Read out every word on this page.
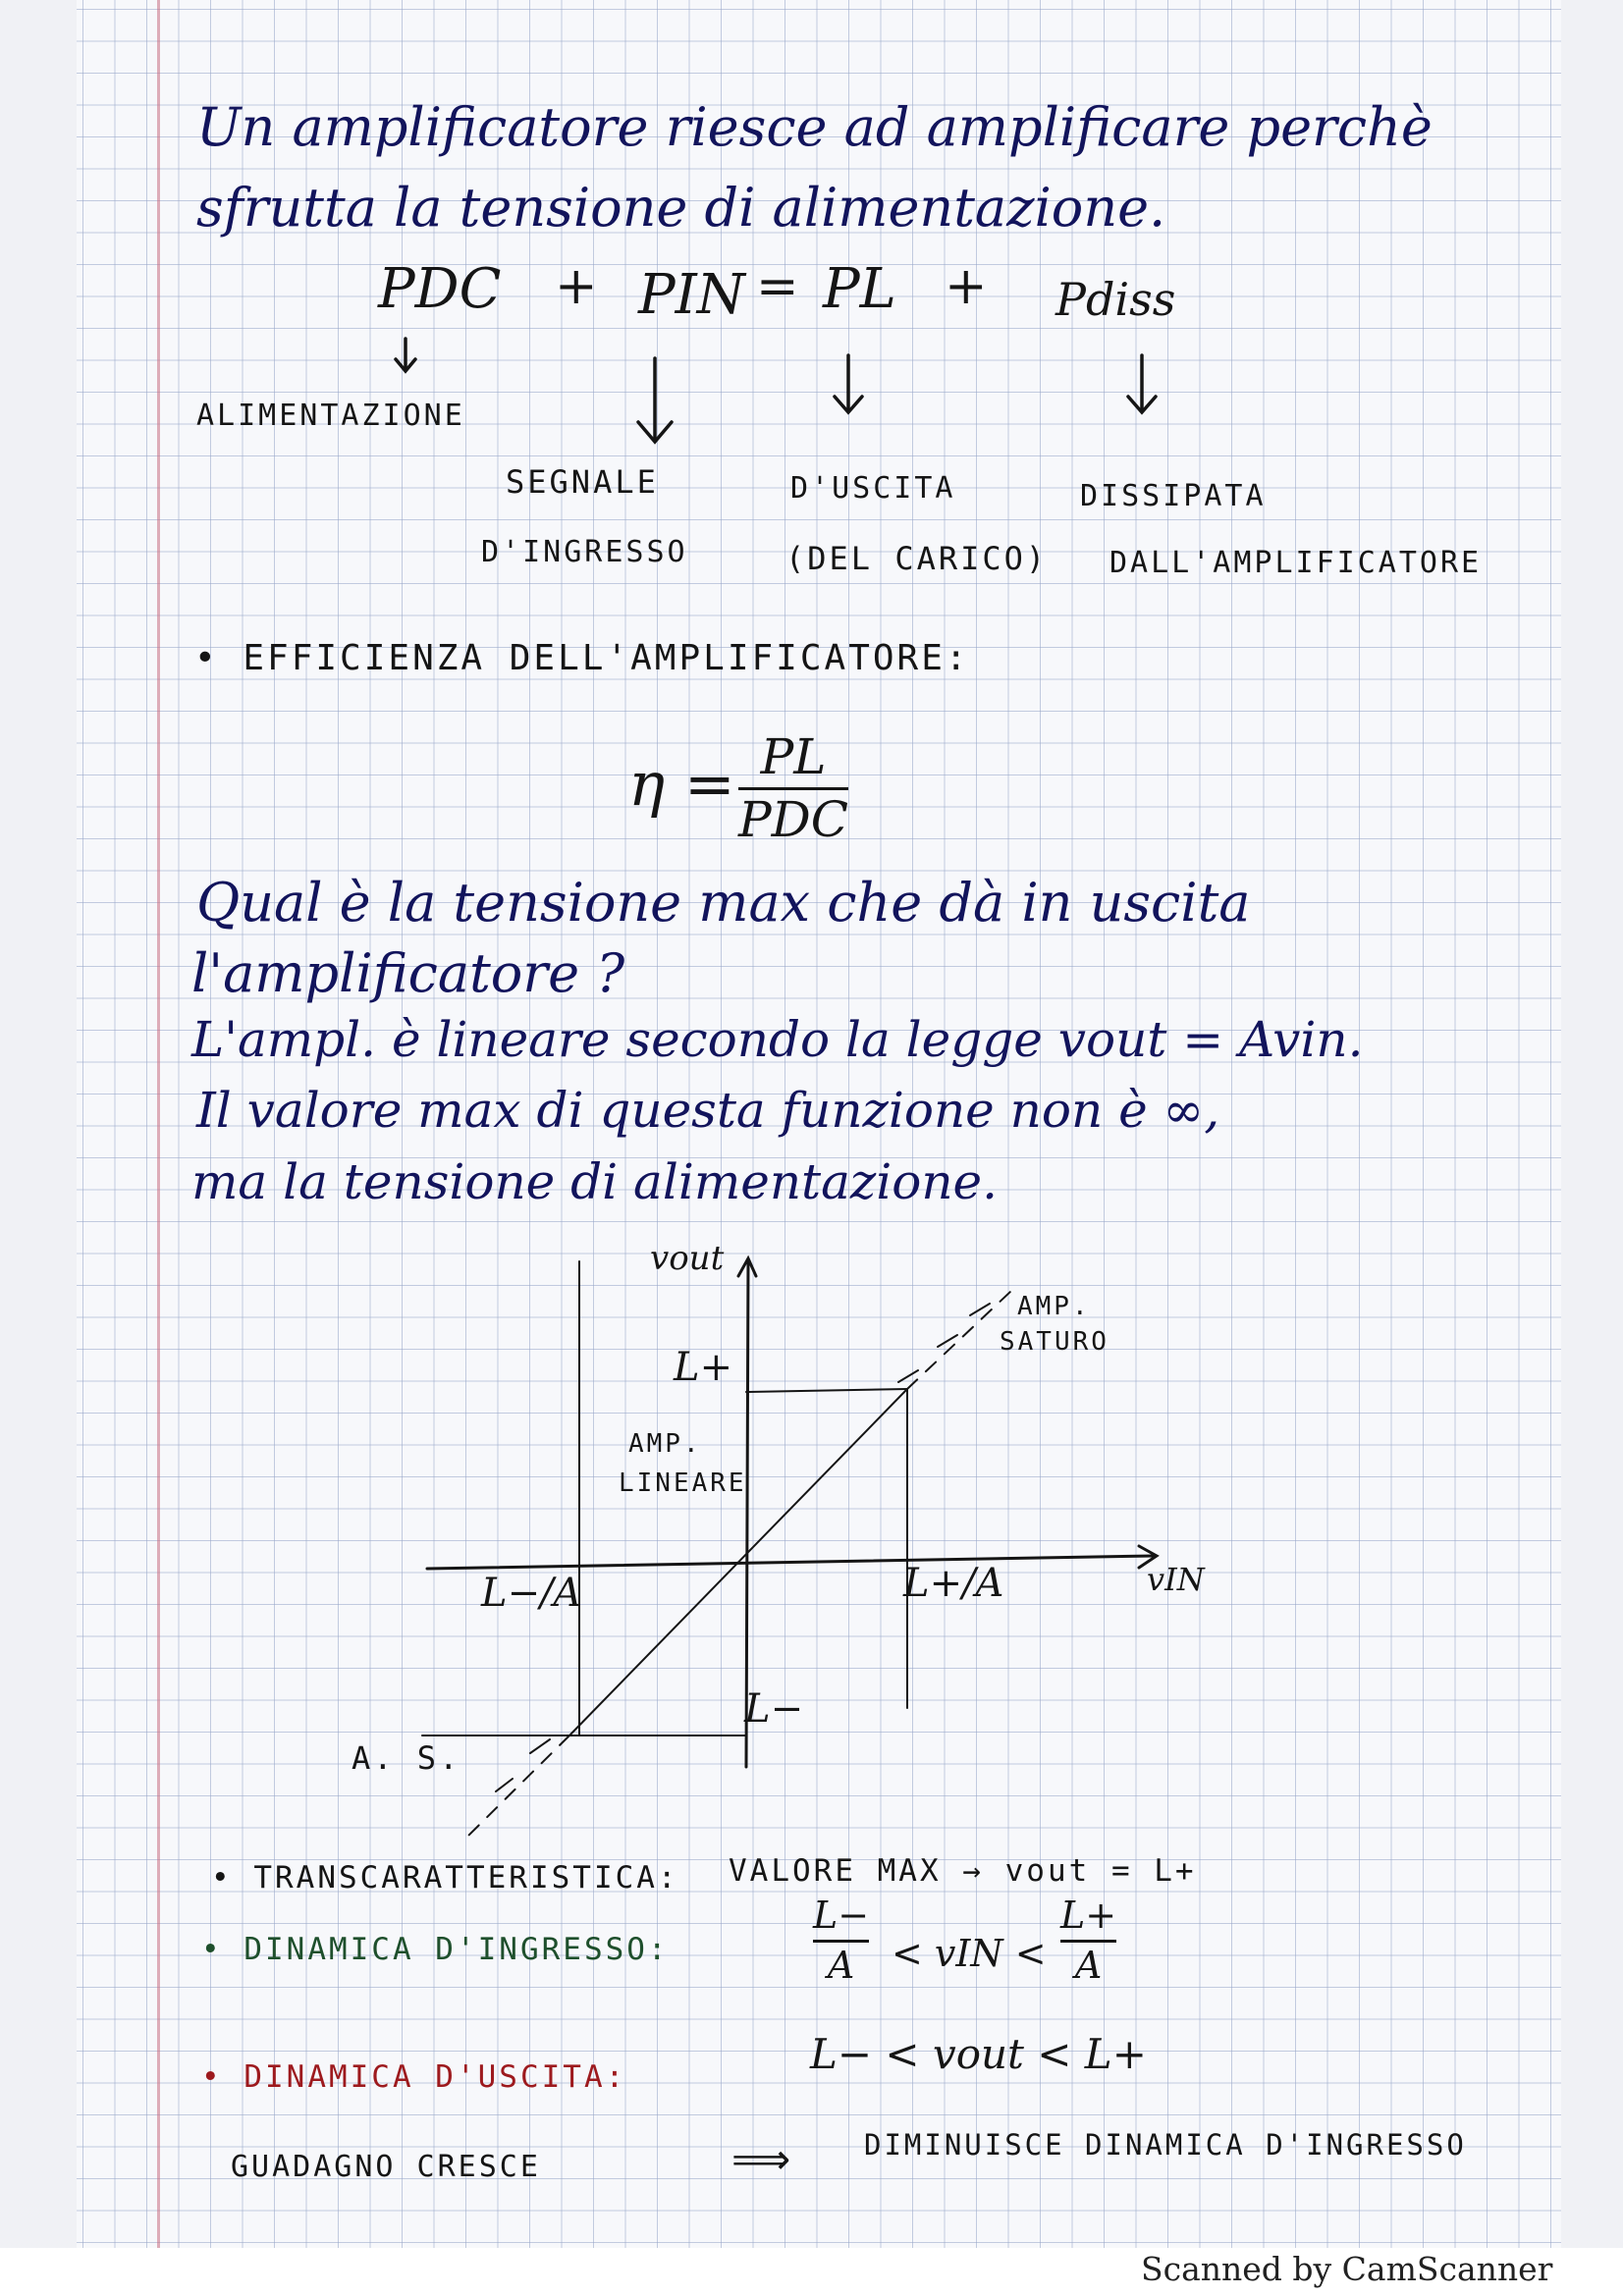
Un amplificatore riesce ad amplificare perchè
sfrutta la tensione di alimentazione.
PDC + PIN = PL + Pdiss
ALIMENTAZIONE
SEGNALE
D'INGRESSO
D'USCITA
(DEL CARICO)
DISSIPATA
DALL'AMPLIFICATORE
• EFFICIENZA DELL'AMPLIFICATORE:
η = PL
PDC
Qual è la tensione max che dà in uscita
l'amplificatore ?
L'ampl. è lineare secondo la legge vout = Avin.
Il valore max di questa funzione non è ∞,
ma la tensione di alimentazione.
vout
vIN
L+
L−
L−/A	L+/A
AMP.
LINEARE
AMP.
SATURO
A. S.
• TRANSCARATTERISTICA: VALORE MAX → vout = L+
• DINAMICA D'INGRESSO:
L−
A < vIN <
L+
A
• DINAMICA D'USCITA:	L− < vout < L+
GUADAGNO CRESCE	⟹	DIMINUISCE DINAMICA D'INGRESSO
Scanned by CamScanner
